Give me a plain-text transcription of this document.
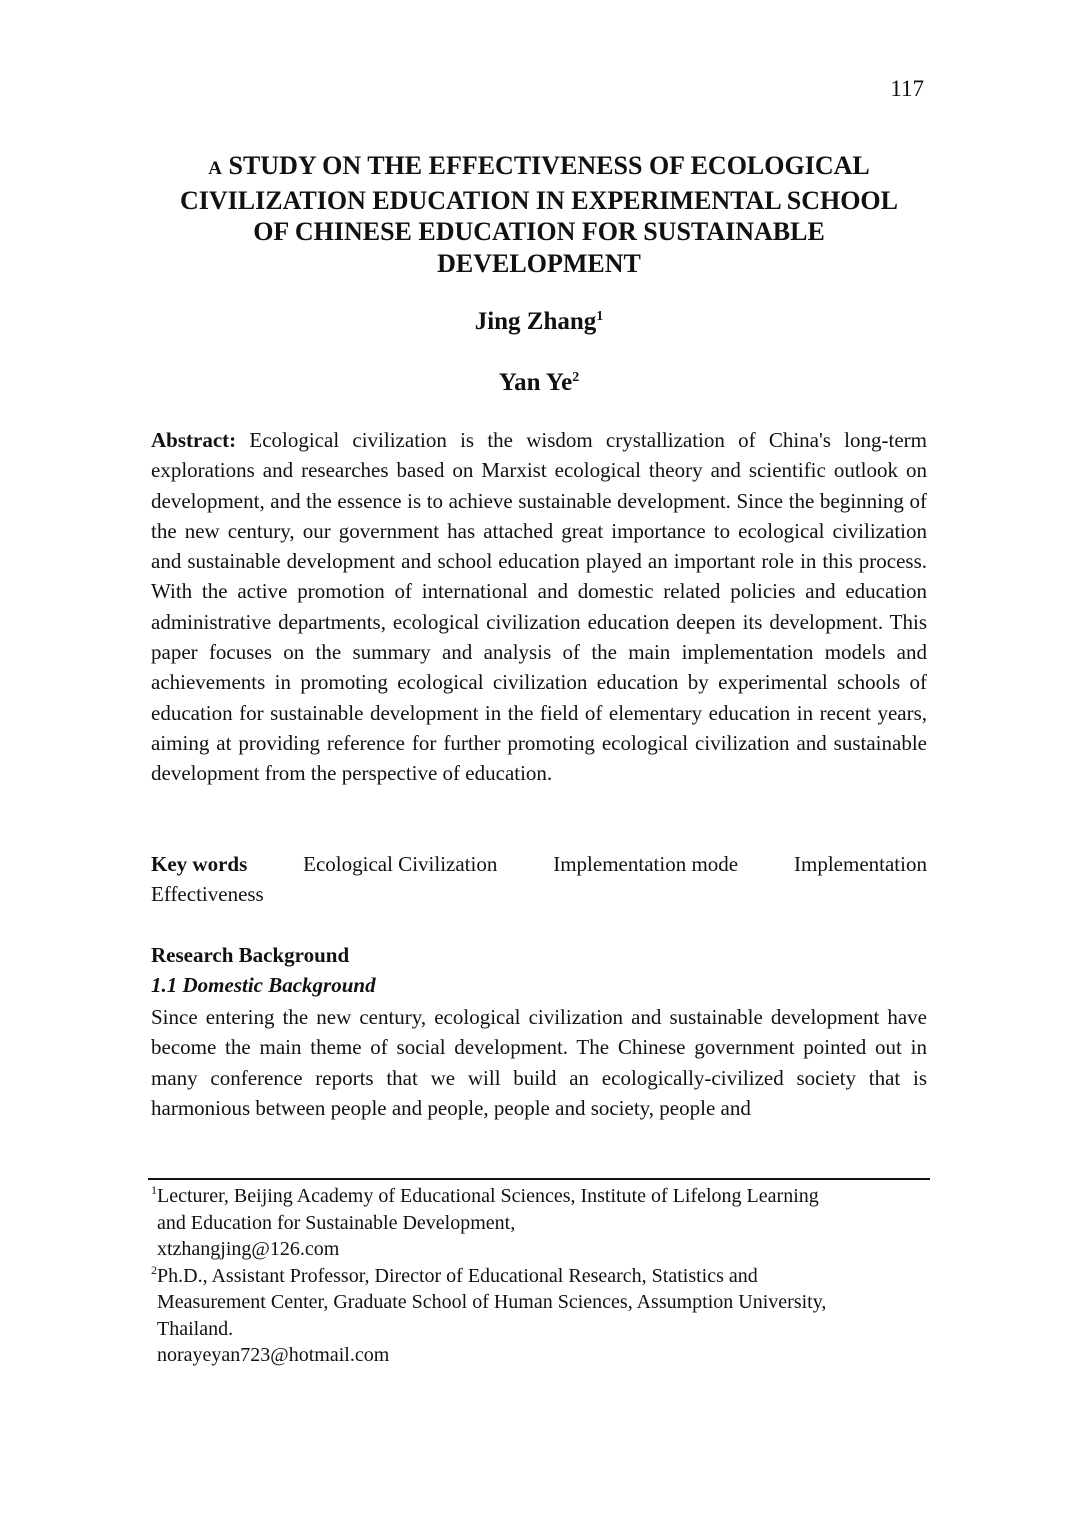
117
A STUDY ON THE EFFECTIVENESS OF ECOLOGICAL
CIVILIZATION EDUCATION IN EXPERIMENTAL SCHOOL
OF CHINESE EDUCATION FOR SUSTAINABLE
DEVELOPMENT

Jing Zhang$^1$

Yan Ye$^2$

Abstract: Ecological civilization is the wisdom crystallization of China's long-term explorations and researches based on Marxist ecological theory and scientific outlook on development, and the essence is to achieve sustainable development. Since the beginning of the new century, our government has attached great importance to ecological civilization and sustainable development and school education played an important role in this process. With the active promotion of international and domestic related policies and education administrative departments, ecological civilization education deepen its development. This paper focuses on the summary and analysis of the main implementation models and achievements in promoting ecological civilization education by experimental schools of education for sustainable development in the field of elementary education in recent years, aiming at providing reference for further promoting ecological civilization and sustainable development from the perspective of education.

Key words	Ecological Civilization	Implementation mode	Implementation
Effectiveness
Research Background
1.1 Domestic Background

Since entering the new century, ecological civilization and sustainable development have become the main theme of social development. The Chinese government pointed out in many conference reports that we will build an ecologically-civilized society that is harmonious between people and people, people and society, people and

$^1$Lecturer, Beijing Academy of Educational Sciences, Institute of Lifelong Learning
and Education for Sustainable Development,
xtzhangjing@126.com
$^2$Ph.D., Assistant Professor, Director of Educational Research, Statistics and
Measurement Center, Graduate School of Human Sciences, Assumption University,
Thailand.
norayeyan723@hotmail.com
